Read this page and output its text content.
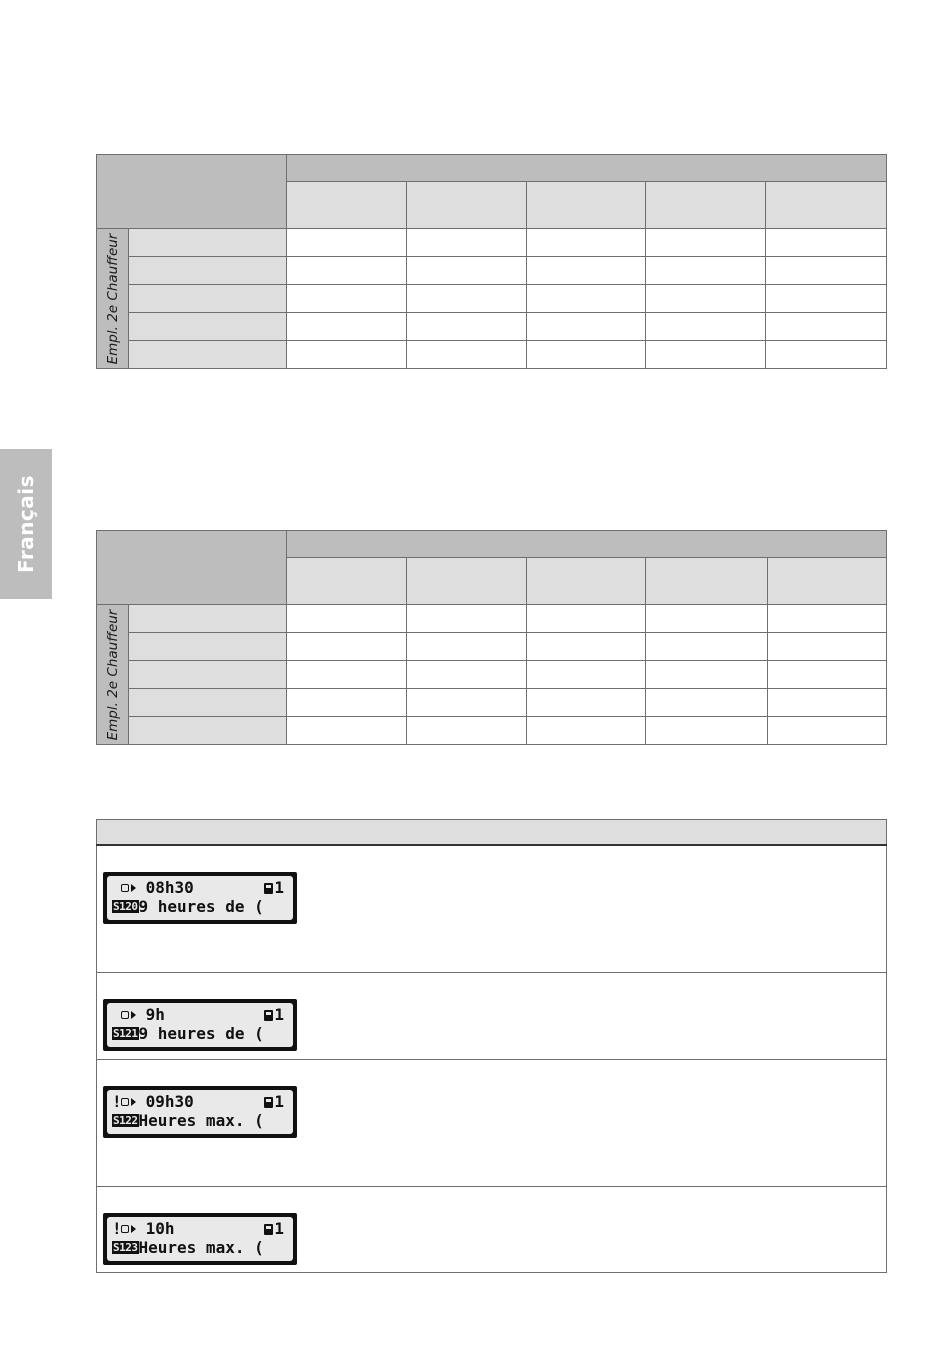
Français

Empl. 2e Chauffeur						

Empl. 2e Chauffeur						

08h30 1
S1209 heures de (	

9h 1
S1219 heures de (	

! 09h30 1
S122Heures max. (	

! 10h 1
S123Heures max. (	
